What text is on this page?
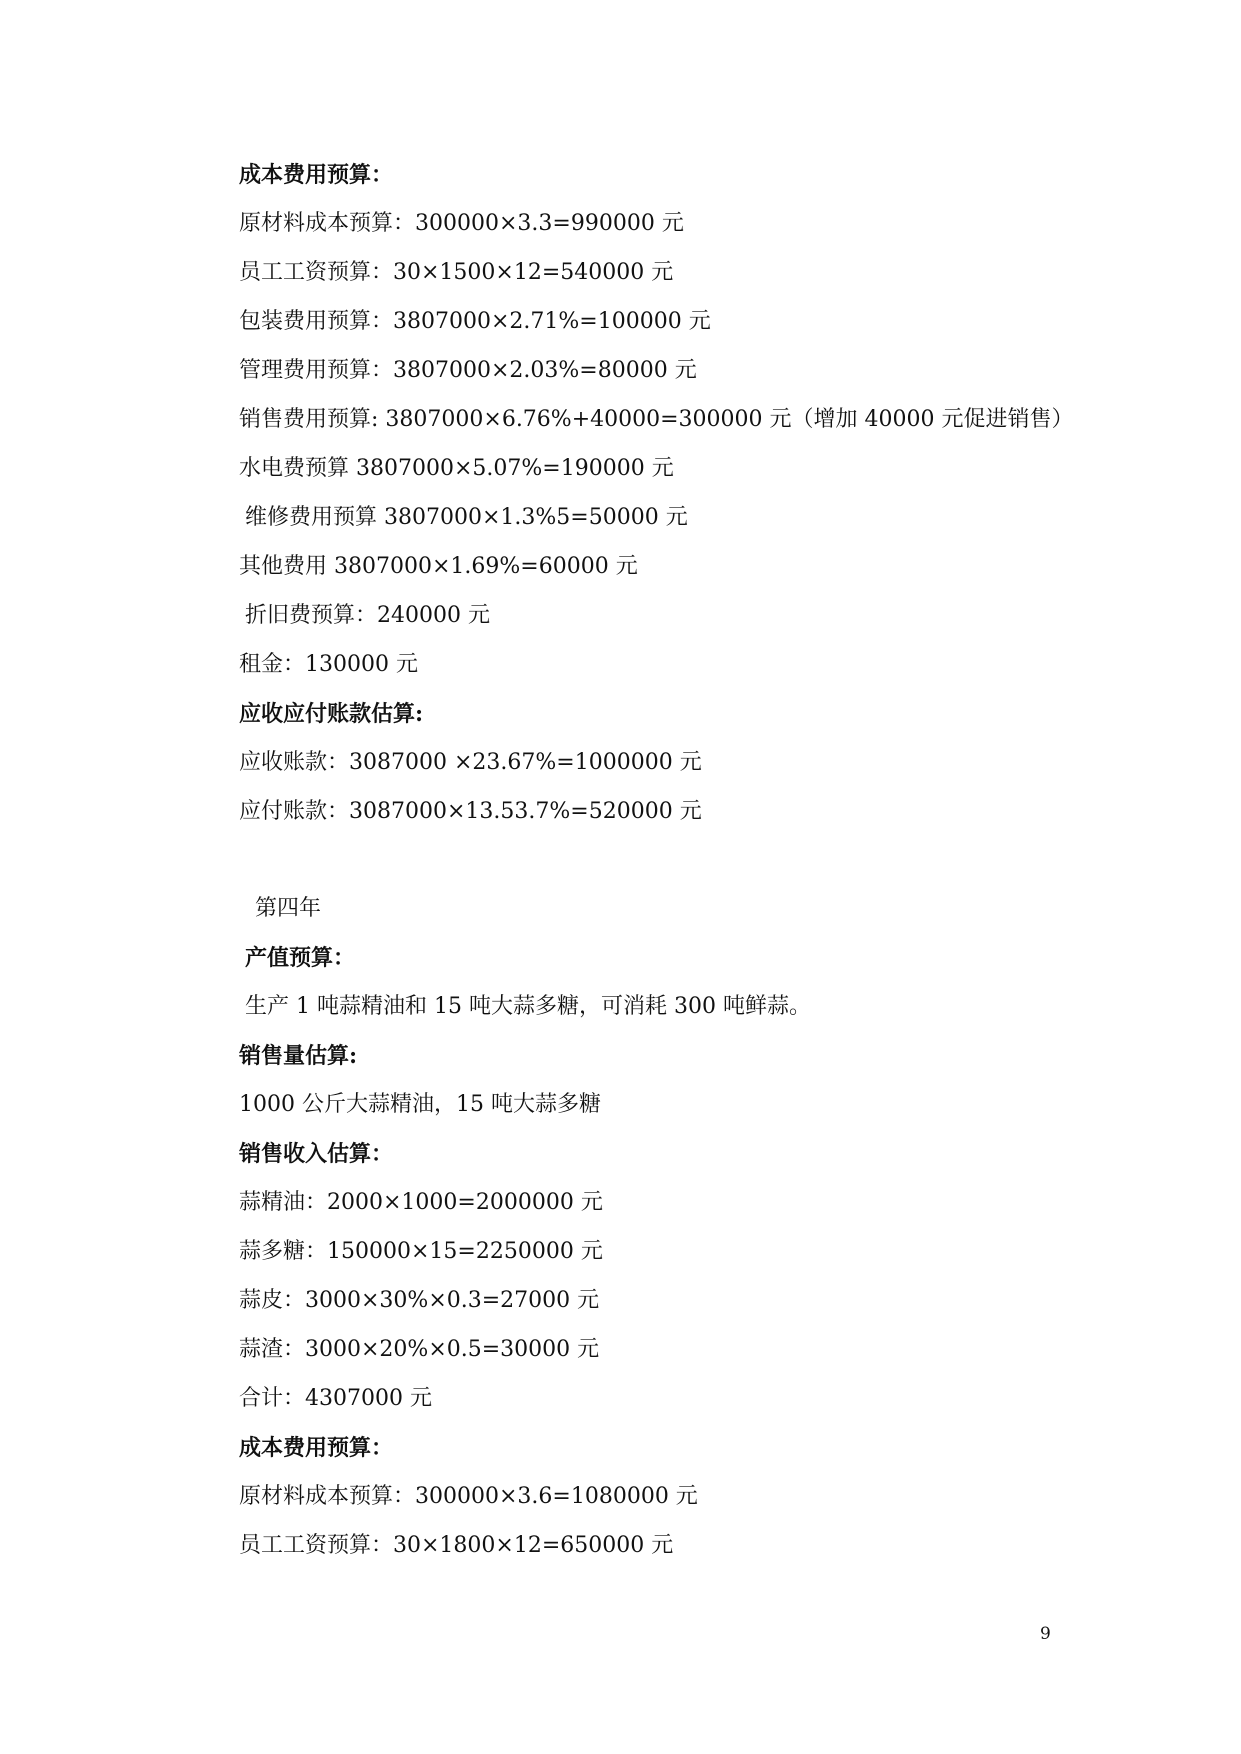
成本费用预算：
原材料成本预算：300000×3.3=990000 元
员工工资预算：30×1500×12=540000 元
包装费用预算：3807000×2.71%=100000 元
管理费用预算：3807000×2.03%=80000 元
销售费用预算: 3807000×6.76%+40000=300000 元（增加 40000 元促进销售）
水电费预算 3807000×5.07%=190000 元
维修费用预算 3807000×1.3%5=50000 元
其他费用 3807000×1.69%=60000 元
折旧费预算：240000 元
租金：130000 元
应收应付账款估算:
应收账款：3087000 ×23.67%=1000000 元
应付账款：3087000×13.53.7%=520000 元
第四年
产值预算：
生产 1 吨蒜精油和 15 吨大蒜多糖，可消耗 300 吨鲜蒜。
销售量估算:
1000 公斤大蒜精油，15 吨大蒜多糖
销售收入估算：
蒜精油：2000×1000=2000000 元
蒜多糖：150000×15=2250000 元
蒜皮：3000×30%×0.3=27000 元
蒜渣：3000×20%×0.5=30000 元
合计：4307000 元
成本费用预算：
原材料成本预算：300000×3.6=1080000 元
员工工资预算：30×1800×12=650000 元
9
